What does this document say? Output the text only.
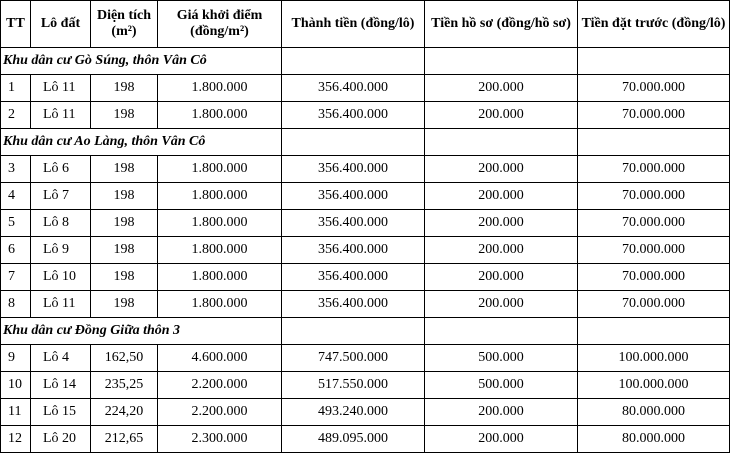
TT	Lô đất	Diện tích (m²)	Giá khởi điểm (đồng/m²)	Thành tiền (đồng/lô)	Tiền hồ sơ (đồng/hồ sơ)	Tiền đặt trước (đồng/lô)
Khu dân cư Gò Súng, thôn Vân Cô						
1	Lô 11	198	1.800.000	356.400.000	200.000	70.000.000
2	Lô 11	198	1.800.000	356.400.000	200.000	70.000.000
Khu dân cư Ao Làng, thôn Vân Cô						
3	Lô 6	198	1.800.000	356.400.000	200.000	70.000.000
4	Lô 7	198	1.800.000	356.400.000	200.000	70.000.000
5	Lô 8	198	1.800.000	356.400.000	200.000	70.000.000
6	Lô 9	198	1.800.000	356.400.000	200.000	70.000.000
7	Lô 10	198	1.800.000	356.400.000	200.000	70.000.000
8	Lô 11	198	1.800.000	356.400.000	200.000	70.000.000
Khu dân cư Đồng Giữa thôn 3						
9	Lô 4	162,50	4.600.000	747.500.000	500.000	100.000.000
10	Lô 14	235,25	2.200.000	517.550.000	500.000	100.000.000
11	Lô 15	224,20	2.200.000	493.240.000	200.000	80.000.000
12	Lô 20	212,65	2.300.000	489.095.000	200.000	80.000.000
